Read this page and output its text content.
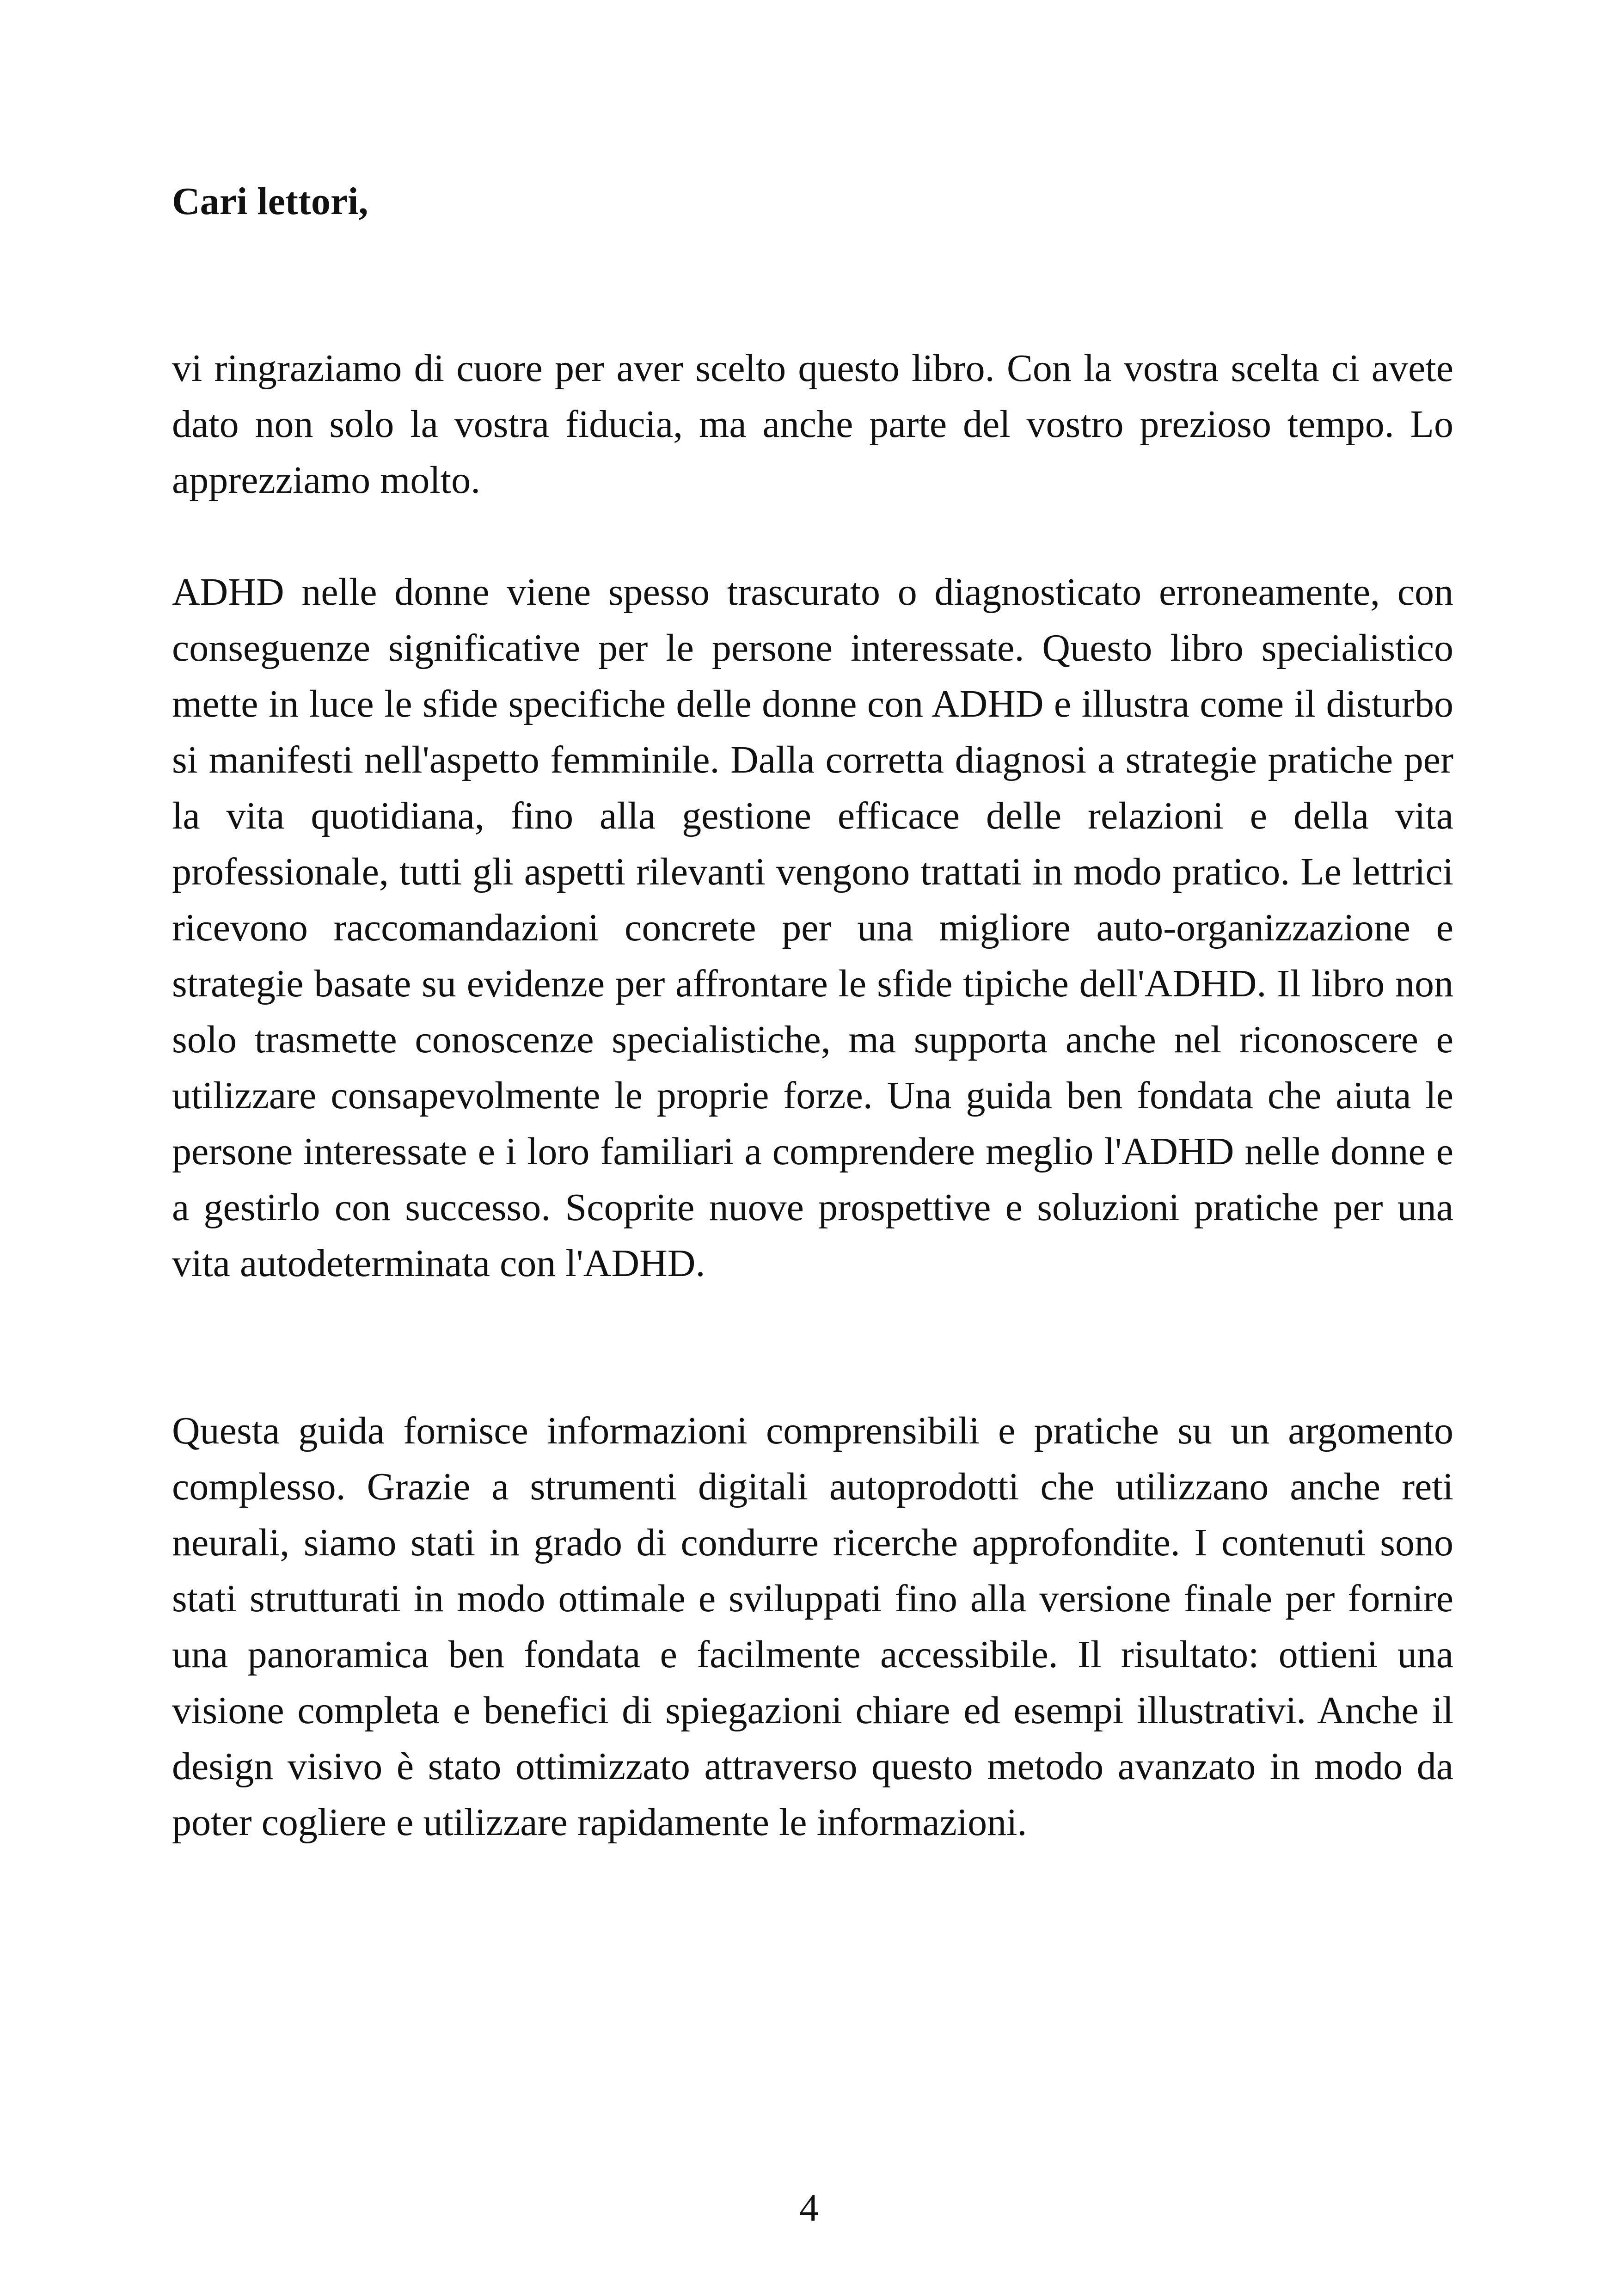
Cari lettori,

vi ringraziamo di cuore per aver scelto questo libro. Con la vostra scelta ci avete dato non solo la vostra fiducia, ma anche parte del vostro prezioso tempo. Lo apprezziamo molto.

ADHD nelle donne viene spesso trascurato o diagnosticato erroneamente, con conseguenze significative per le persone interessate. Questo libro specialistico mette in luce le sfide specifiche delle donne con ADHD e illustra come il disturbo si manifesti nell'aspetto femminile. Dalla corretta diagnosi a strategie pratiche per la vita quotidiana, fino alla gestione efficace delle relazioni e della vita professionale, tutti gli aspetti rilevanti vengono trattati in modo pratico. Le lettrici ricevono raccomandazioni concrete per una migliore auto-organizzazione e strategie basate su evidenze per affrontare le sfide tipiche dell'ADHD. Il libro non solo trasmette conoscenze specialistiche, ma supporta anche nel riconoscere e utilizzare consapevolmente le proprie forze. Una guida ben fondata che aiuta le persone interessate e i loro familiari a comprendere meglio l'ADHD nelle donne e a gestirlo con successo. Scoprite nuove prospettive e soluzioni pratiche per una vita autodeterminata con l'ADHD.

Questa guida fornisce informazioni comprensibili e pratiche su un argomento complesso. Grazie a strumenti digitali autoprodotti che utilizzano anche reti neurali, siamo stati in grado di condurre ricerche approfondite. I contenuti sono stati strutturati in modo ottimale e sviluppati fino alla versione finale per fornire una panoramica ben fondata e facilmente accessibile. Il risultato: ottieni una visione completa e benefici di spiegazioni chiare ed esempi illustrativi. Anche il design visivo è stato ottimizzato attraverso questo metodo avanzato in modo da poter cogliere e utilizzare rapidamente le informazioni.

4
